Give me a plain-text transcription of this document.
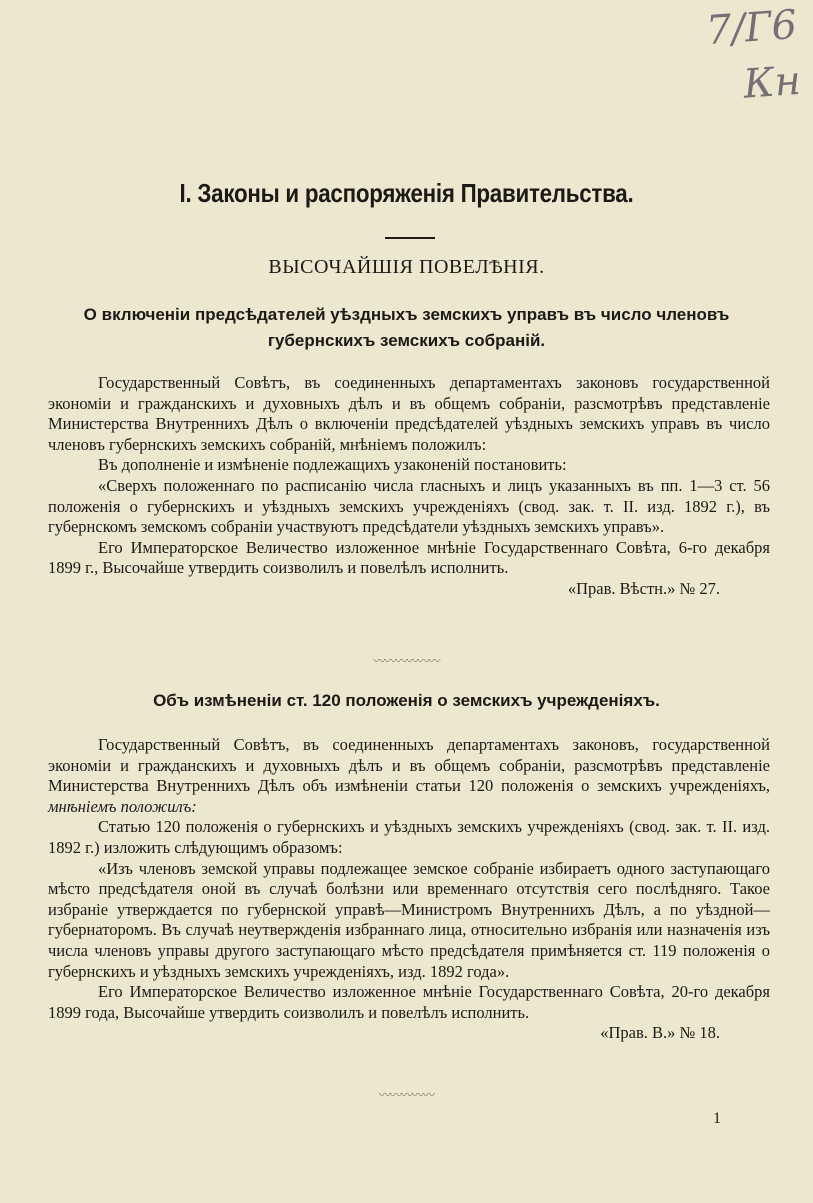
7/Г6
Кн
I. Законы и распоряженія Правительства.
ВЫСОЧАЙШІЯ ПОВЕЛѢНІЯ.
О включеніи предсѣдателей уѣздныхъ земскихъ управъ въ число членовъ губернскихъ земскихъ собраній.

Государственный Совѣтъ, въ соединенныхъ департаментахъ законовъ государственной экономіи и гражданскихъ и духовныхъ дѣлъ и въ общемъ собраніи, разсмотрѣвъ представленіе Министерства Внутреннихъ Дѣлъ о включеніи предсѣдателей уѣздныхъ земскихъ управъ въ число членовъ губернскихъ земскихъ собраній, мнѣніемъ положилъ:

Въ дополненіе и измѣненіе подлежащихъ узаконеній постановить:

«Сверхъ положеннаго по расписанію числа гласныхъ и лицъ указанныхъ въ пп. 1—3 ст. 56 положенія о губернскихъ и уѣздныхъ земскихъ учрежденіяхъ (свод. зак. т. II. изд. 1892 г.), въ губернскомъ земскомъ собраніи участвуютъ предсѣдатели уѣздныхъ земскихъ управъ».

Его Императорское Величество изложенное мнѣніе Государственнаго Совѣта, 6-го декабря 1899 г., Высочайше утвердить соизволилъ и повелѣлъ исполнить.

«Прав. Вѣстн.» № 27.
〰〰〰〰〰〰
Объ измѣненіи ст. 120 положенія о земскихъ учрежденіяхъ.

Государственный Совѣтъ, въ соединенныхъ департаментахъ законовъ, государственной экономіи и гражданскихъ и духовныхъ дѣлъ и въ общемъ собраніи, разсмотрѣвъ представленіе Министерства Внутреннихъ Дѣлъ объ измѣненіи статьи 120 положенія о земскихъ учрежденіяхъ, мнѣніемъ положилъ:

Статью 120 положенія о губернскихъ и уѣздныхъ земскихъ учрежденіяхъ (свод. зак. т. II. изд. 1892 г.) изложить слѣдующимъ образомъ:

«Изъ членовъ земской управы подлежащее земское собраніе избираетъ одного заступающаго мѣсто предсѣдателя оной въ случаѣ болѣзни или временнаго отсутствія сего послѣдняго. Такое избраніе утверждается по губернской управѣ—Министромъ Внутреннихъ Дѣлъ, а по уѣздной—губернаторомъ. Въ случаѣ неутвержденія избраннаго лица, относительно избранія или назначенія изъ числа членовъ управы другого заступающаго мѣсто предсѣдателя примѣняется ст. 119 положенія о губернскихъ и уѣздныхъ земскихъ учрежденіяхъ, изд. 1892 года».

Его Императорское Величество изложенное мнѣніе Государственнаго Совѣта, 20-го декабря 1899 года, Высочайше утвердить соизволилъ и повелѣлъ исполнить.

«Прав. В.» № 18.
〰〰〰〰〰
1
